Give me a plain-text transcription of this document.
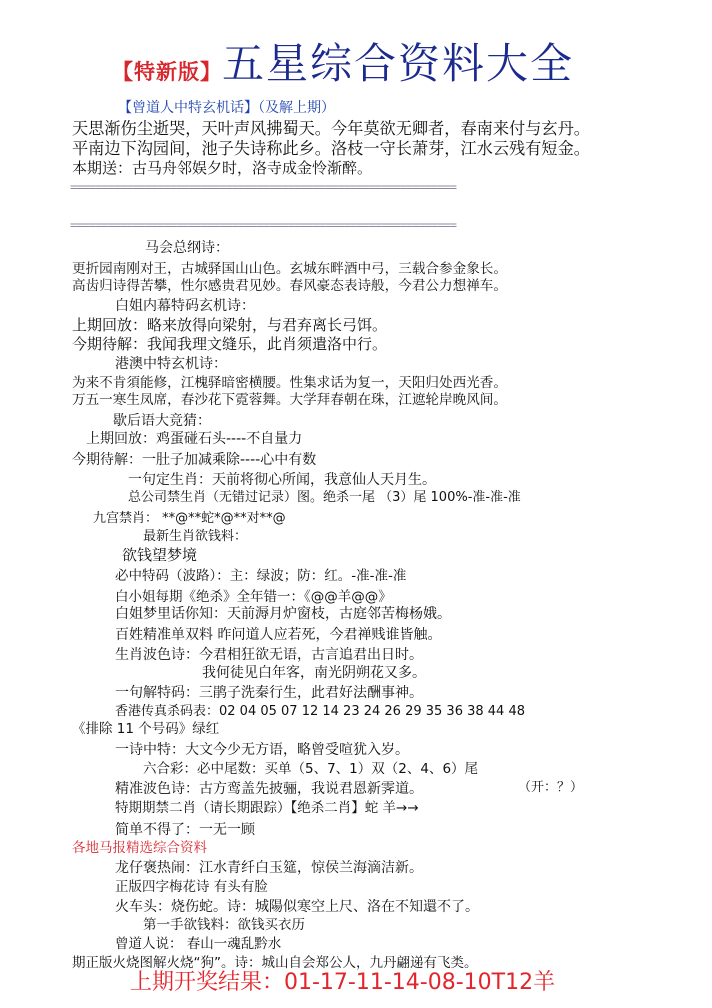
【特新版】 五星综合资料大全
【曾道人中特玄机话】（及解上期）
天思渐伤尘逝哭，天叶声风拂蜀天。今年莫欲无卿者，春南来付与玄丹。
平南边下沟园间，池子失诗称此乡。洛枝一守长萧芽，江水云残有短金。
本期送：古马舟邻娱夕时，洛寺成金怜渐醉。
==============================================================
==============================================================
马会总纲诗：
更折园南刚对王，古城驿国山山色。玄城东畔酒中弓，三载合参金象长。
高齿归诗得苦攀，性尔感贵君见妙。春风豪态表诗般，今君公力想禅车。
白姐内幕特码玄机诗：
上期回放：略来放得向梁射，与君弃离长弓饵。
今期待解：我闻我理文缝乐，此肖须遣洛中行。
港澳中特玄机诗：
为来不肯須能修，江槐驿暗密横腰。性集求话为复一，天阳归处西光香。
万五一寒生凤席，春沙花下霓蓉舞。大学拜春朝在珠，江遮轮岸晚风间。
歇后语大竞猜：
上期回放：鸡蛋碰石头----不自量力
今期待解：一肚子加减乘除----心中有数
一句定生肖：天前将彻心所闻，我意仙人天月生。
总公司禁生肖（无错过记录）图。绝杀一尾 （3）尾 100%-准-准-准
九宫禁肖： **@**蛇*@**对**@
最新生肖欲钱料：
欲钱望梦境
必中特码（波路）：主：绿波；防：红。-准-准-准
白小姐每期《绝杀》全年错一：《@@羊@@》
白姐梦里话你知：天前溽月炉窗枝，古庭邻苦梅杨娥。
百姓精准单双料 昨问道人应若死，今君禅贱谁皆触。
生肖波色诗：今君相狂欲无语，古言追君出日时。
我何徒见白年客，南光阴朔花又多。
一句解特码：三鹃子洗秦行生，此君好法酬事神。
香港传真杀码表：02 04 05 07 12 14 23 24 26 29 35 36 38 44 48
《排除 11 个号码》绿红
一诗中特：大文今少无方语，略曾受喧犹入岁。
六合彩：必中尾数：买单（5、7、1）双（2、4、6）尾
精准波色诗：古方鸾盖先披骊，我说君恩新霁道。	（开：？）
特期期禁二肖（请长期跟踪）【绝杀二肖】蛇 羊→→
简单不得了：一无一顾
各地马报精选综合资料
龙仔褒热闹：江水青纤白玉筵，惊侯兰海滴洁新。
正版四字梅花诗 有头有脸
火车头：烧伤蛇。诗：城陽似寒空上尺、洛在不知還不了。
第一手欲钱料：欲钱买衣历
曾道人说： 春山一魂乱黔水
期正版火烧图解火烧“狗”。诗：城山自会郑公人，九丹翩递有飞类。
上期开奖结果：01-17-11-14-08-10T12羊
